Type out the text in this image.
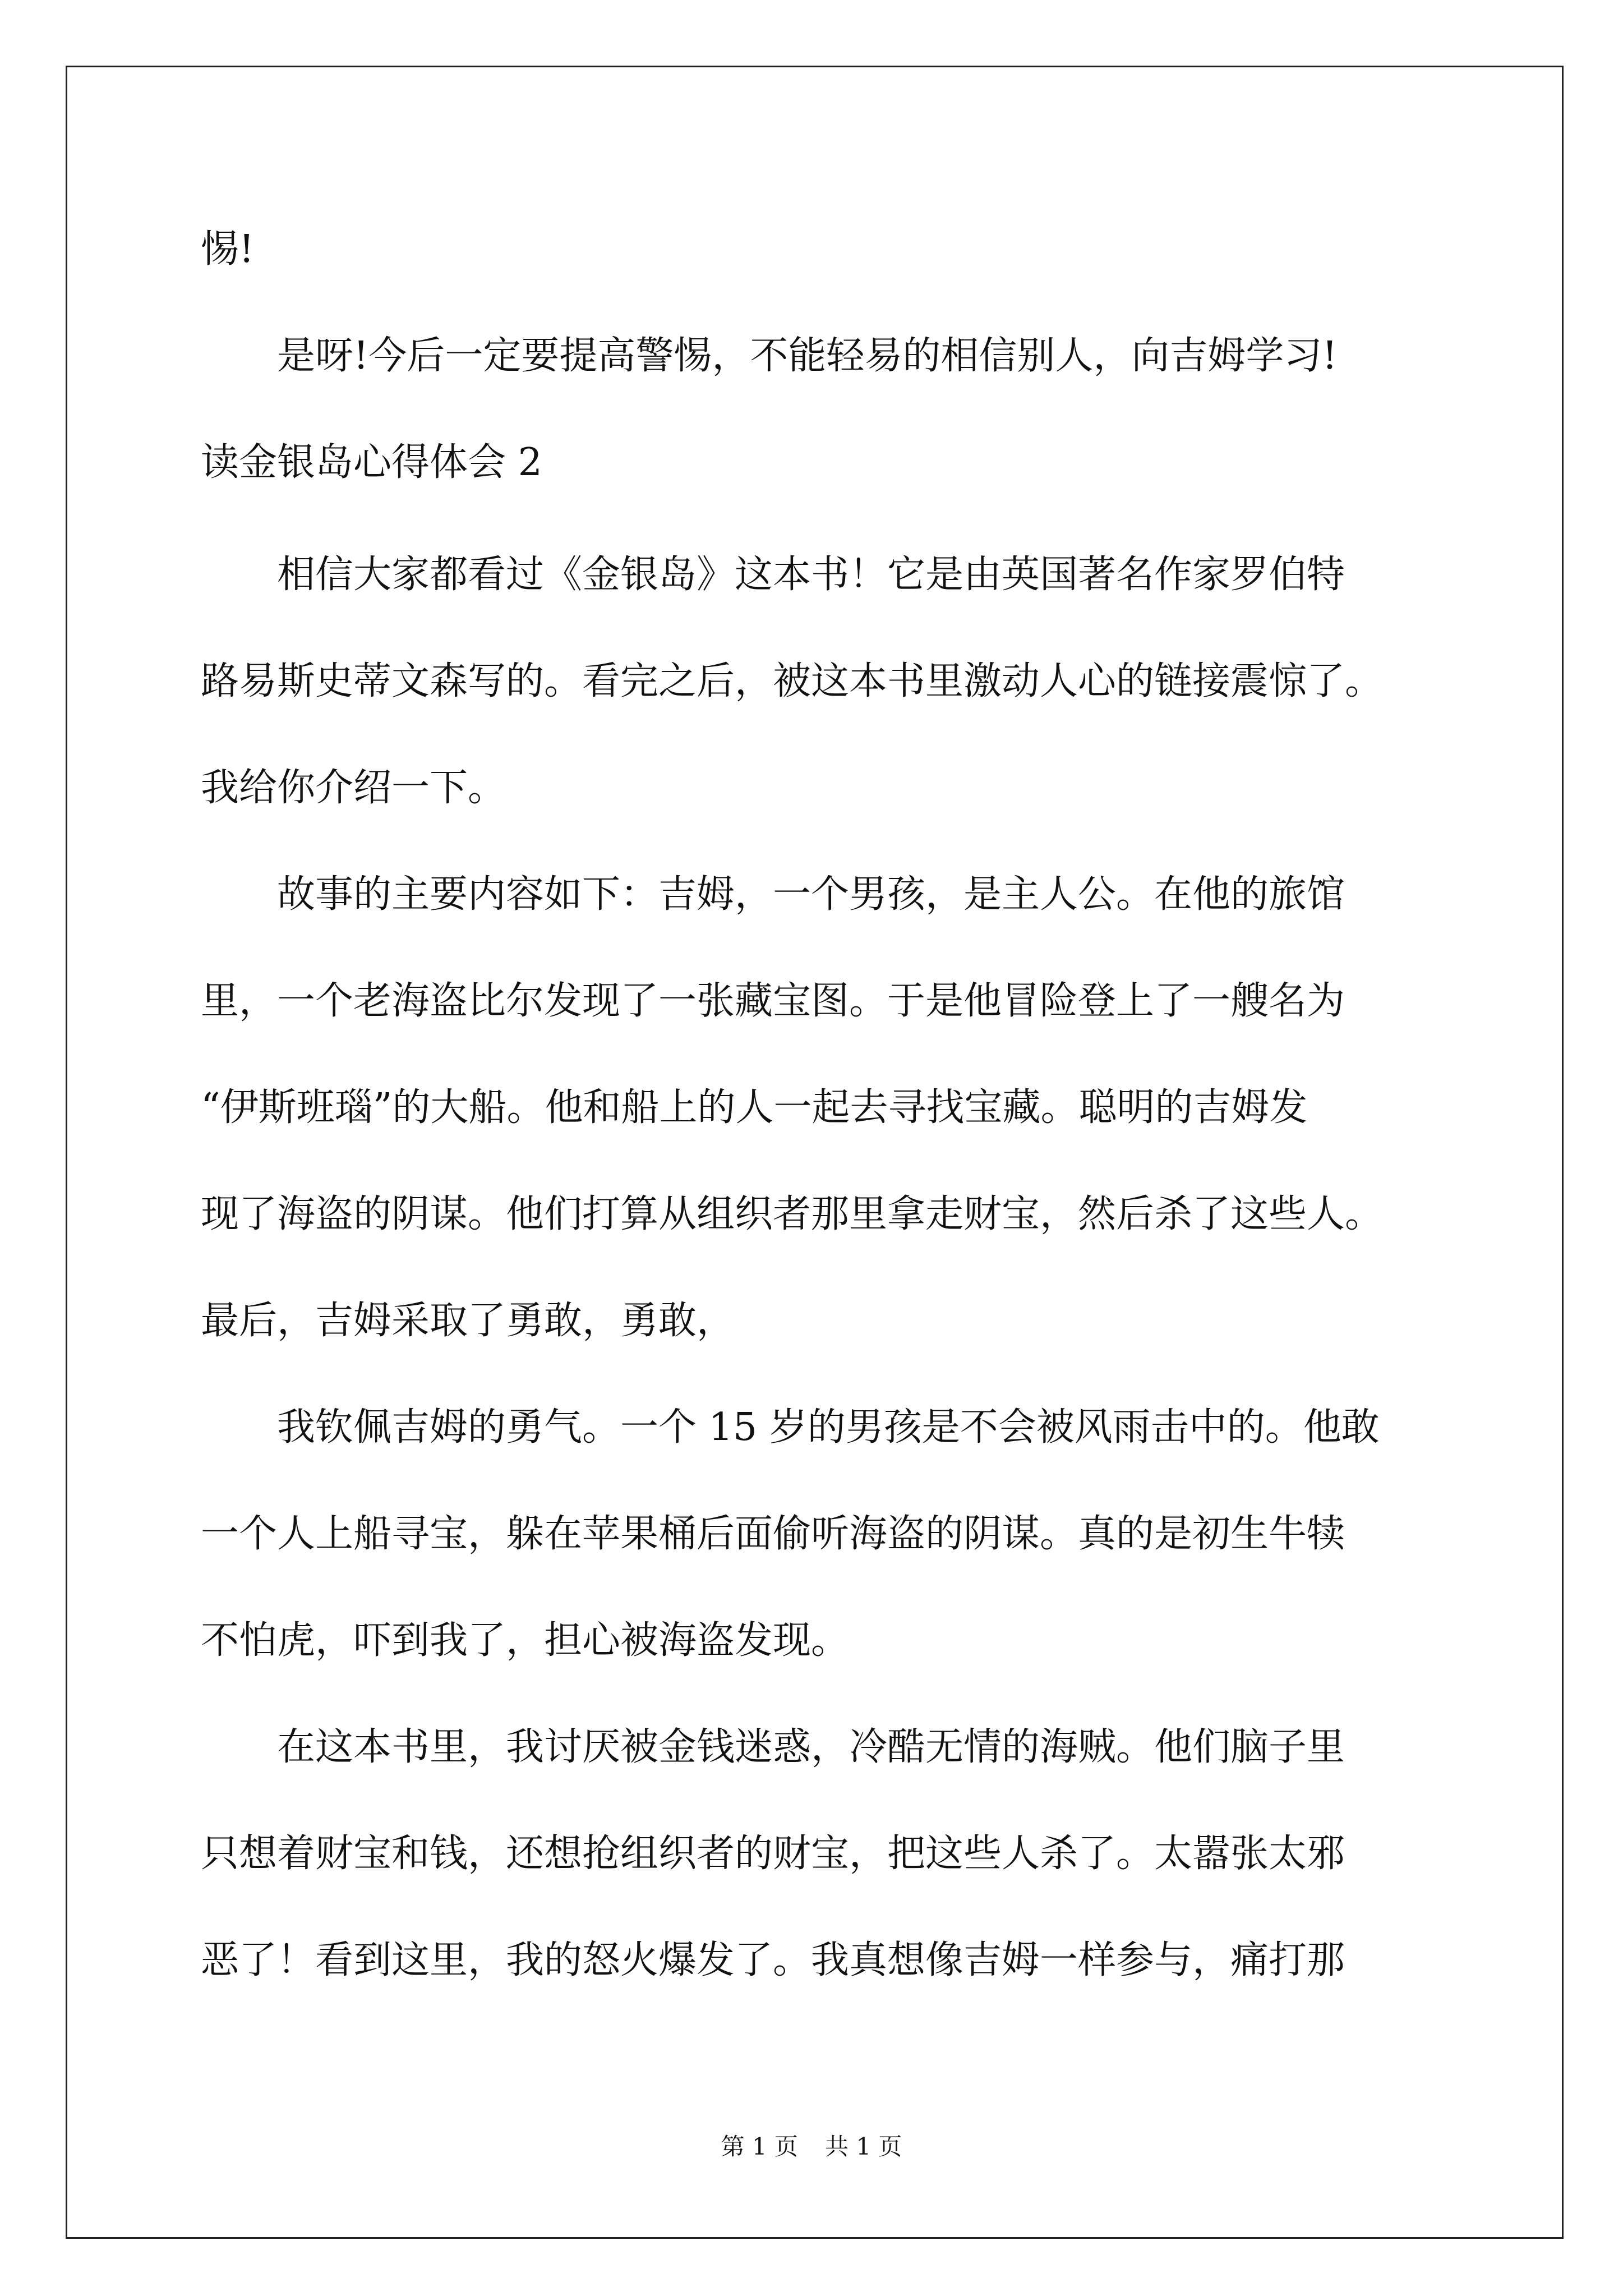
惕!
是呀!今后一定要提高警惕，不能轻易的相信别人，向吉姆学习!
读金银岛心得体会 2
相信大家都看过《金银岛》这本书！它是由英国著名作家罗伯特
路易斯史蒂文森写的。看完之后，被这本书里激动人心的链接震惊了。
我给你介绍一下。
故事的主要内容如下：吉姆，一个男孩，是主人公。在他的旅馆
里，一个老海盗比尔发现了一张藏宝图。于是他冒险登上了一艘名为
“伊斯班瑙”的大船。他和船上的人一起去寻找宝藏。聪明的吉姆发
现了海盗的阴谋。他们打算从组织者那里拿走财宝，然后杀了这些人。
最后，吉姆采取了勇敢，勇敢，
我钦佩吉姆的勇气。一个 15 岁的男孩是不会被风雨击中的。他敢
一个人上船寻宝，躲在苹果桶后面偷听海盗的阴谋。真的是初生牛犊
不怕虎，吓到我了，担心被海盗发现。
在这本书里，我讨厌被金钱迷惑，冷酷无情的海贼。他们脑子里
只想着财宝和钱，还想抢组织者的财宝，把这些人杀了。太嚣张太邪
恶了！看到这里，我的怒火爆发了。我真想像吉姆一样参与，痛打那
第 1 页 共 1 页
